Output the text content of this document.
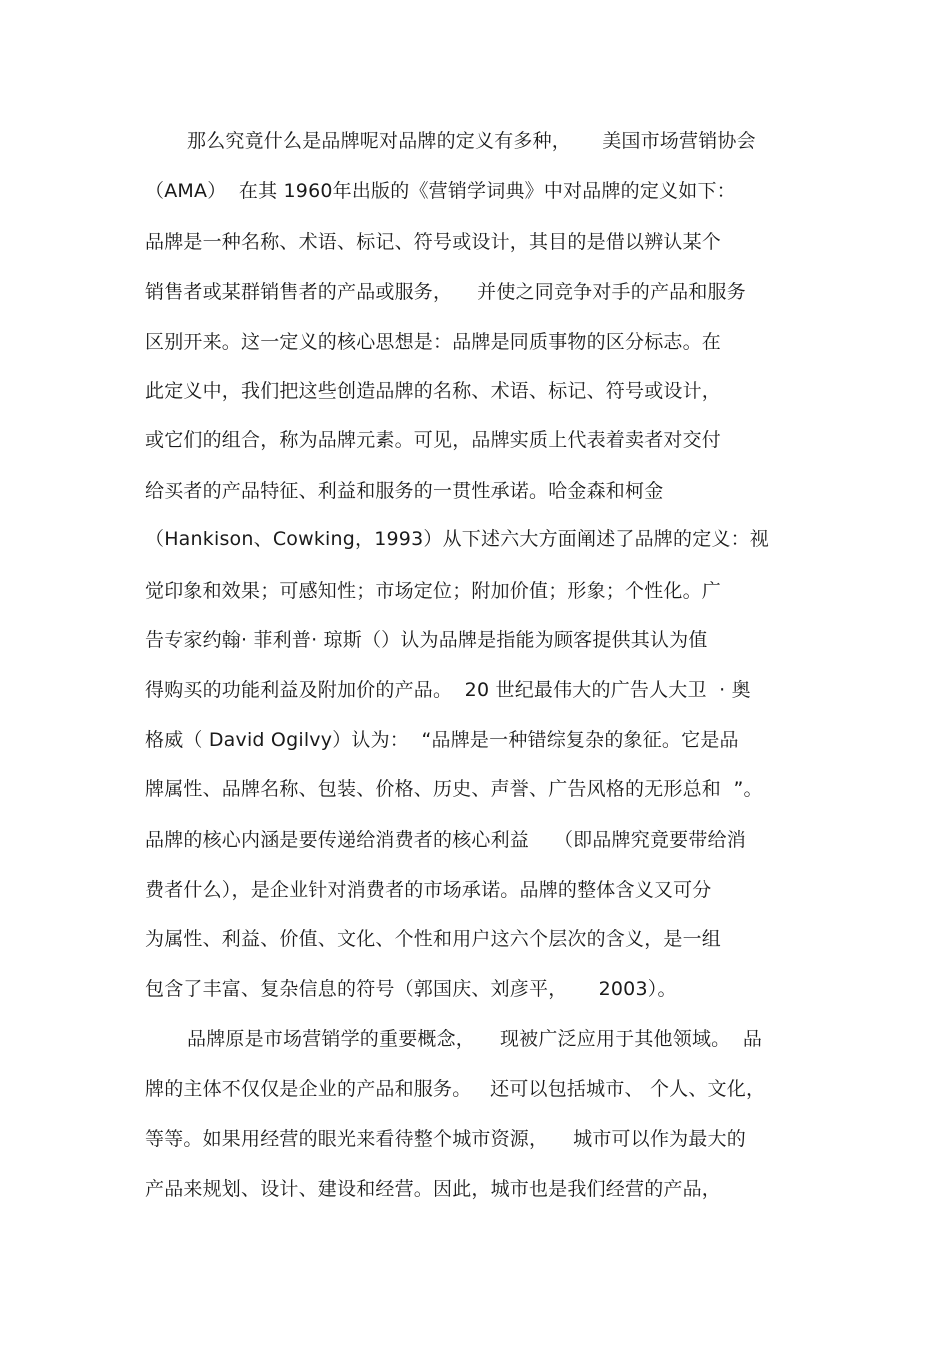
那么究竟什么是品牌呢对品牌的定义有多种，     美国市场营销协会
（AMA）  在其 1960年出版的《营销学词典》中对品牌的定义如下：
品牌是一种名称、术语、标记、符号或设计，其目的是借以辨认某个
销售者或某群销售者的产品或服务，    并使之同竞争对手的产品和服务
区别开来。这一定义的核心思想是：品牌是同质事物的区分标志。在
此定义中，我们把这些创造品牌的名称、术语、标记、符号或设计，
或它们的组合，称为品牌元素。可见，品牌实质上代表着卖者对交付
给买者的产品特征、利益和服务的一贯性承诺。哈金森和柯金
（Hankison、Cowking，1993）从下述六大方面阐述了品牌的定义：视
觉印象和效果；可感知性；市场定位；附加价值；形象；个性化。广
告专家约翰· 菲利普· 琼斯（）认为品牌是指能为顾客提供其认为值
得购买的功能利益及附加价的产品。  20 世纪最伟大的广告人大卫  · 奥
格威（ David Ogilvy）认为：  “品牌是一种错综复杂的象征。它是品
牌属性、品牌名称、包装、价格、历史、声誉、广告风格的无形总和  ”。
品牌的核心内涵是要传递给消费者的核心利益    （即品牌究竟要带给消
费者什么），是企业针对消费者的市场承诺。品牌的整体含义又可分
为属性、利益、价值、文化、个性和用户这六个层次的含义，是一组
包含了丰富、复杂信息的符号（郭国庆、刘彦平，     2003）。
品牌原是市场营销学的重要概念，    现被广泛应用于其他领域。  品
牌的主体不仅仅是企业的产品和服务。   还可以包括城市、 个人、文化，
等等。如果用经营的眼光来看待整个城市资源，    城市可以作为最大的
产品来规划、设计、建设和经营。因此，城市也是我们经营的产品，
